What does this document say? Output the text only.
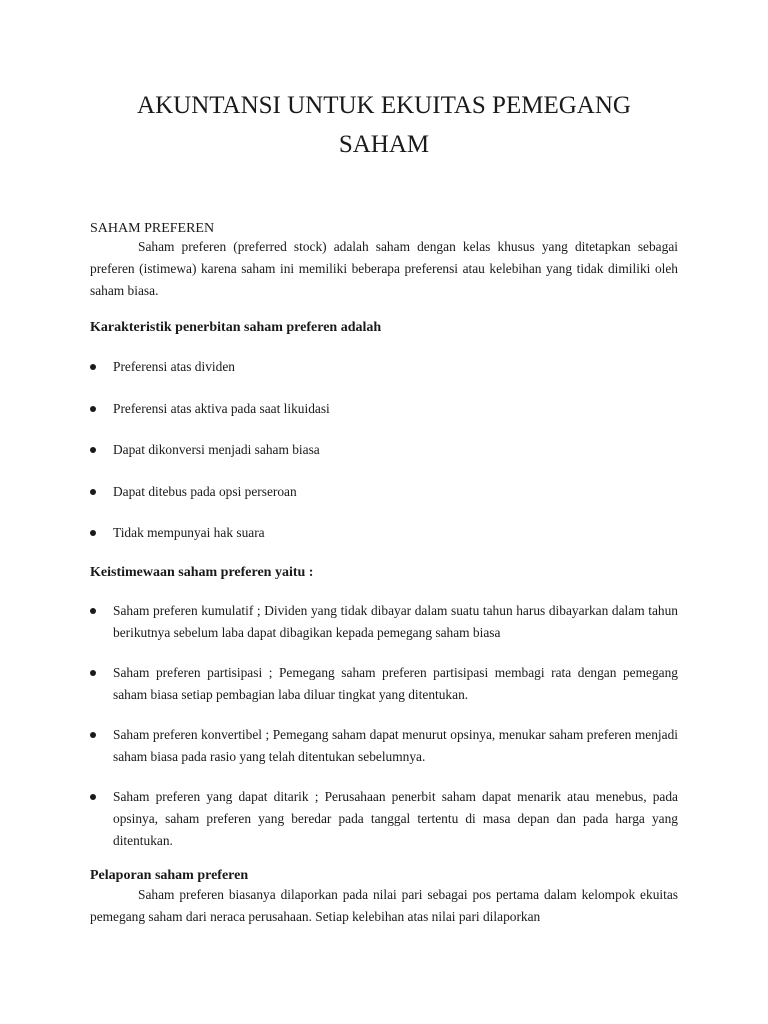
AKUNTANSI UNTUK EKUITAS PEMEGANG
SAHAM
SAHAM PREFEREN

Saham preferen (preferred stock) adalah saham dengan kelas khusus yang ditetapkan sebagai preferen (istimewa) karena saham ini memiliki beberapa preferensi atau kelebihan yang tidak dimiliki oleh saham biasa.

Karakteristik penerbitan saham preferen adalah
Preferensi atas dividen
Preferensi atas aktiva pada saat likuidasi
Dapat dikonversi menjadi saham biasa
Dapat ditebus pada opsi perseroan
Tidak mempunyai hak suara
Keistimewaan saham preferen yaitu :
Saham preferen kumulatif ; Dividen yang tidak dibayar dalam suatu tahun harus dibayarkan dalam tahun berikutnya sebelum laba dapat dibagikan kepada pemegang saham biasa
Saham preferen partisipasi ; Pemegang saham preferen partisipasi membagi rata dengan pemegang saham biasa setiap pembagian laba diluar tingkat yang ditentukan.
Saham preferen konvertibel ; Pemegang saham dapat menurut opsinya, menukar saham preferen menjadi saham biasa pada rasio yang telah ditentukan sebelumnya.
Saham preferen yang dapat ditarik ; Perusahaan penerbit saham dapat menarik atau menebus, pada opsinya, saham preferen yang beredar pada tanggal tertentu di masa depan dan pada harga yang ditentukan.
Pelaporan saham preferen

Saham preferen biasanya dilaporkan pada nilai pari sebagai pos pertama dalam kelompok ekuitas pemegang saham dari neraca perusahaan. Setiap kelebihan atas nilai pari dilaporkan
